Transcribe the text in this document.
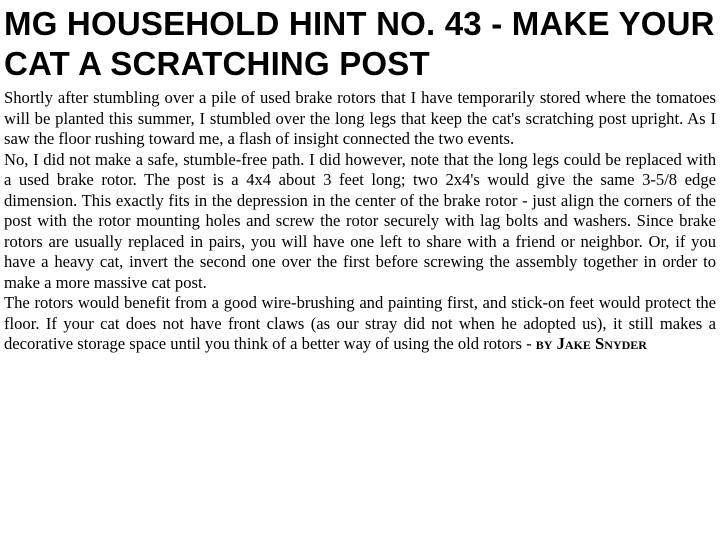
MG HOUSEHOLD HINT NO. 43 - MAKE YOUR CAT A SCRATCHING POST

Shortly after stumbling over a pile of used brake rotors that I have temporarily stored where the tomatoes will be planted this summer, I stumbled over the long legs that keep the cat's scratching post upright. As I saw the floor rushing toward me, a flash of insight connected the two events.

No, I did not make a safe, stumble-free path. I did however, note that the long legs could be replaced with a used brake rotor. The post is a 4x4 about 3 feet long; two 2x4's would give the same 3-5/8 edge dimension. This exactly fits in the depression in the center of the brake rotor - just align the corners of the post with the rotor mounting holes and screw the rotor securely with lag bolts and washers. Since brake rotors are usually replaced in pairs, you will have one left to share with a friend or neighbor. Or, if you have a heavy cat, invert the second one over the first before screwing the assembly together in order to make a more massive cat post.

The rotors would benefit from a good wire-brushing and painting first, and stick-on feet would protect the floor. If your cat does not have front claws (as our stray did not when he adopted us), it still makes a decorative storage space until you think of a better way of using the old rotors - by Jake Snyder
